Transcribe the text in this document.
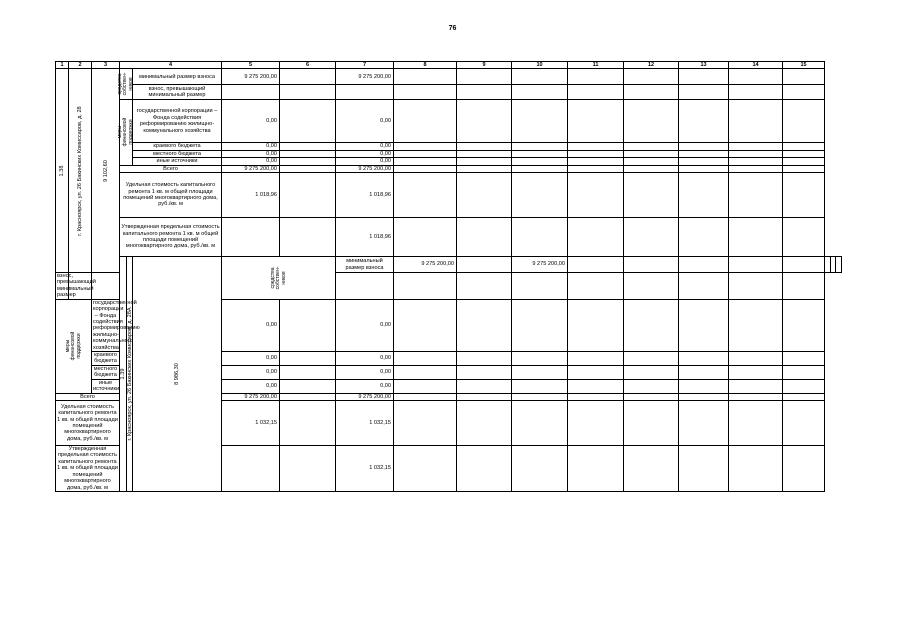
76
1	2	3	4			5	6	7	8	9	10	11	12	13	14	15			

1.38	г. Красноярск, ул. 26 Бакинских Комиссаров, д. 28	9 102,60	средства собствен- ников		минимальный размер взноса	9 275 200,00		9 275 200,00											
					взнос, превышающий минимальный размер														

			меры финансовой поддержки		государственной корпорации – Фонда содействия реформированию жилищно-коммунального хозяйства	0,00		0,00											
					краевого бюджета	0,00		0,00											
					местного бюджета	0,00		0,00											
					иные источники	0,00		0,00											
			Всего			9 275 200,00		9 275 200,00											
			Удельная стоимость капитального ремонта 1 кв. м общей площади помещений многоквартирного дома, руб./кв. м			1 018,96		1 018,96											
			Утвержденная предельная стоимость капитального ремонта 1 кв. м общей площади помещений многоквартирного дома, руб./кв. м					1 018,96											

			1.39	г. Красноярск, ул. 26 Бакинских Комиссаров, д. 28А	8 986,30	средства собствен- ников		минимальный размер взноса	9 275 200,00		9 275 200,00								
взнос, превышающий минимальный размер																			

меры финансовой поддержки		государственной корпорации – Фонда содействия реформированию жилищно-коммунального хозяйства				0,00		0,00											
		краевого бюджета				0,00		0,00											
		местного бюджета				0,00		0,00											
		иные источники				0,00		0,00											
Всего						9 275 200,00		9 275 200,00											
Удельная стоимость капитального ремонта 1 кв. м общей площади помещений многоквартирного дома, руб./кв. м						1 032,15		1 032,15											
Утвержденная предельная стоимость капитального ремонта 1 кв. м общей площади помещений многоквартирного дома, руб./кв. м								1 032,15											
